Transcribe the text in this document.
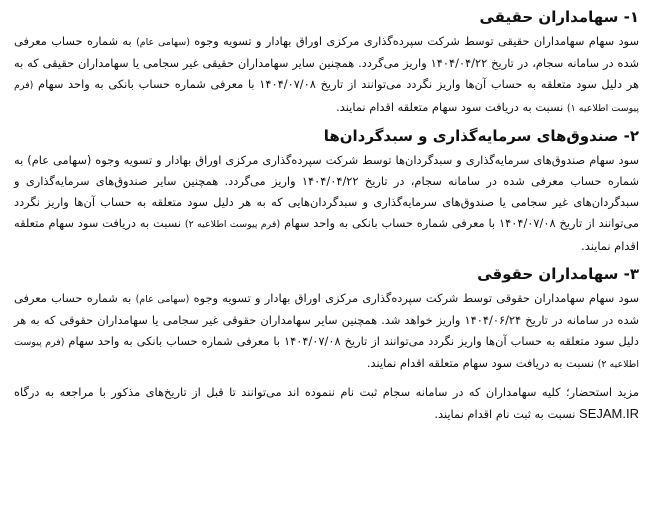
۱- سهامداران حقیقی

سود سهام سهامداران حقیقی توسط شرکت سپرده‌گذاری مرکزی اوراق بهادار و تسویه وجوه (سهامی عام) به شماره حساب معرفی شده در سامانه سجام، در تاریخ ۱۴۰۴/۰۴/۲۲ واریز می‌گردد. همچنین سایر سهامداران حقیقی غیر سجامی یا سهامداران حقیقی که به هر دلیل سود متعلقه به حساب آن‌ها واریز نگردد می‌توانند از تاریخ ۱۴۰۴/۰۷/۰۸ با معرفی شماره حساب بانکی به واحد سهام (فرم پیوست اطلاعیه ۱) نسبت به دریافت سود سهام متعلقه اقدام نمایند.

۲- صندوق‌های سرمایه‌گذاری و سبدگردان‌ها

سود سهام صندوق‌های سرمایه‌گذاری و سبدگردان‌ها توسط شرکت سپرده‌گذاری مرکزی اوراق بهادار و تسویه وجوه (سهامی عام) به شماره حساب معرفی شده در سامانه سجام، در تاریخ ۱۴۰۴/۰۴/۲۲ واریز می‌گردد. همچنین سایر صندوق‌های سرمایه‌گذاری و سبدگردان‌های غیر سجامی یا صندوق‌های سرمایه‌گذاری و سبدگردان‌هایی که به هر دلیل سود متعلقه به حساب آن‌ها واریز نگردد می‌توانند از تاریخ ۱۴۰۴/۰۷/۰۸ با معرفی شماره حساب بانکی به واحد سهام (فرم پیوست اطلاعیه ۲) نسبت به دریافت سود سهام متعلقه اقدام نمایند.

۳- سهامداران حقوقی

سود سهام سهامداران حقوقی توسط شرکت سپرده‌گذاری مرکزی اوراق بهادار و تسویه وجوه (سهامی عام) به شماره حساب معرفی شده در سامانه در تاریخ ۱۴۰۴/۰۶/۲۴ واریز خواهد شد. همچنین سایر سهامداران حقوقی غیر سجامی یا سهامداران حقوقی که به هر دلیل سود متعلقه به حساب آن‌ها واریز نگردد می‌توانند از تاریخ ۱۴۰۴/۰۷/۰۸ با معرفی شماره حساب بانکی به واحد سهام (فرم پیوست اطلاعیه ۲) نسبت به دریافت سود سهام متعلقه اقدام نمایند.

مزید استحضار؛ کلیه سهامداران که در سامانه سجام ثبت نام ننموده اند می‌توانند تا قبل از تاریخ‌های مذکور با مراجعه به درگاه SEJAM.IR نسبت به ثبت نام اقدام نمایند.
